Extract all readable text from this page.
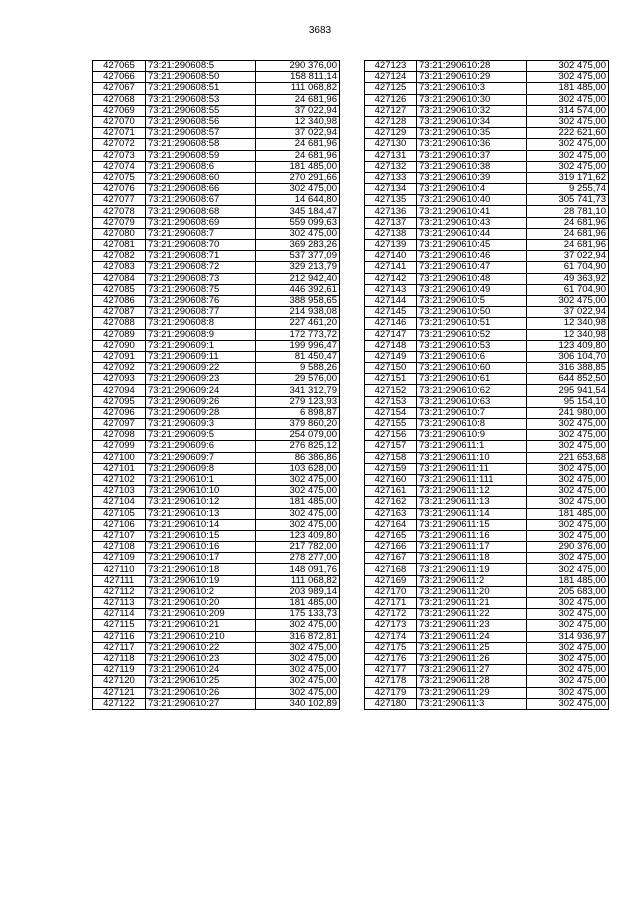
3683
427065	73:21:290608:5	290 376,00
427066	73:21:290608:50	158 811,14
427067	73:21:290608:51	111 068,82
427068	73:21:290608:53	24 681,96
427069	73:21:290608:55	37 022,94
427070	73:21:290608:56	12 340,98
427071	73:21:290608:57	37 022,94
427072	73:21:290608:58	24 681,96
427073	73:21:290608:59	24 681,96
427074	73:21:290608:6	181 485,00
427075	73:21:290608:60	270 291,66
427076	73:21:290608:66	302 475,00
427077	73:21:290608:67	14 644,80
427078	73:21:290608:68	345 184,47
427079	73:21:290608:69	559 099,63
427080	73:21:290608:7	302 475,00
427081	73:21:290608:70	369 283,26
427082	73:21:290608:71	537 377,09
427083	73:21:290608:72	329 213,79
427084	73:21:290608:73	212 942,40
427085	73:21:290608:75	446 392,61
427086	73:21:290608:76	388 958,65
427087	73:21:290608:77	214 938,08
427088	73:21:290608:8	227 461,20
427089	73:21:290608:9	172 773,72
427090	73:21:290609:1	199 996,47
427091	73:21:290609:11	81 450,47
427092	73:21:290609:22	9 588,26
427093	73:21:290609:23	29 576,00
427094	73:21:290609:24	341 312,79
427095	73:21:290609:26	279 123,93
427096	73:21:290609:28	6 898,87
427097	73:21:290609:3	379 860,20
427098	73:21:290609:5	254 079,00
427099	73:21:290609:6	276 825,12
427100	73:21:290609:7	86 386,86
427101	73:21:290609:8	103 628,00
427102	73:21:290610:1	302 475,00
427103	73:21:290610:10	302 475,00
427104	73:21:290610:12	181 485,00
427105	73:21:290610:13	302 475,00
427106	73:21:290610:14	302 475,00
427107	73:21:290610:15	123 409,80
427108	73:21:290610:16	217 782,00
427109	73:21:290610:17	278 277,00
427110	73:21:290610:18	148 091,76
427111	73:21:290610:19	111 068,82
427112	73:21:290610:2	203 989,14
427113	73:21:290610:20	181 485,00
427114	73:21:290610:209	175 133,73
427115	73:21:290610:21	302 475,00
427116	73:21:290610:210	316 872,81
427117	73:21:290610:22	302 475,00
427118	73:21:290610:23	302 475,00
427119	73:21:290610:24	302 475,00
427120	73:21:290610:25	302 475,00
427121	73:21:290610:26	302 475,00
427122	73:21:290610:27	340 102,89
427123	73:21:290610:28	302 475,00
427124	73:21:290610:29	302 475,00
427125	73:21:290610:3	181 485,00
427126	73:21:290610:30	302 475,00
427127	73:21:290610:32	314 574,00
427128	73:21:290610:34	302 475,00
427129	73:21:290610:35	222 621,60
427130	73:21:290610:36	302 475,00
427131	73:21:290610:37	302 475,00
427132	73:21:290610:38	302 475,00
427133	73:21:290610:39	319 171,62
427134	73:21:290610:4	9 255,74
427135	73:21:290610:40	305 741,73
427136	73:21:290610:41	28 781,10
427137	73:21:290610:43	24 681,96
427138	73:21:290610:44	24 681,96
427139	73:21:290610:45	24 681,96
427140	73:21:290610:46	37 022,94
427141	73:21:290610:47	61 704,90
427142	73:21:290610:48	49 363,92
427143	73:21:290610:49	61 704,90
427144	73:21:290610:5	302 475,00
427145	73:21:290610:50	37 022,94
427146	73:21:290610:51	12 340,98
427147	73:21:290610:52	12 340,98
427148	73:21:290610:53	123 409,80
427149	73:21:290610:6	306 104,70
427150	73:21:290610:60	316 388,85
427151	73:21:290610:61	644 852,50
427152	73:21:290610:62	295 941,54
427153	73:21:290610:63	95 154,10
427154	73:21:290610:7	241 980,00
427155	73:21:290610:8	302 475,00
427156	73:21:290610:9	302 475,00
427157	73:21:290611:1	302 475,00
427158	73:21:290611:10	221 653,68
427159	73:21:290611:11	302 475,00
427160	73:21:290611:111	302 475,00
427161	73:21:290611:12	302 475,00
427162	73:21:290611:13	302 475,00
427163	73:21:290611:14	181 485,00
427164	73:21:290611:15	302 475,00
427165	73:21:290611:16	302 475,00
427166	73:21:290611:17	290 376,00
427167	73:21:290611:18	302 475,00
427168	73:21:290611:19	302 475,00
427169	73:21:290611:2	181 485,00
427170	73:21:290611:20	205 683,00
427171	73:21:290611:21	302 475,00
427172	73:21:290611:22	302 475,00
427173	73:21:290611:23	302 475,00
427174	73:21:290611:24	314 936,97
427175	73:21:290611:25	302 475,00
427176	73:21:290611:26	302 475,00
427177	73:21:290611:27	302 475,00
427178	73:21:290611:28	302 475,00
427179	73:21:290611:29	302 475,00
427180	73:21:290611:3	302 475,00
